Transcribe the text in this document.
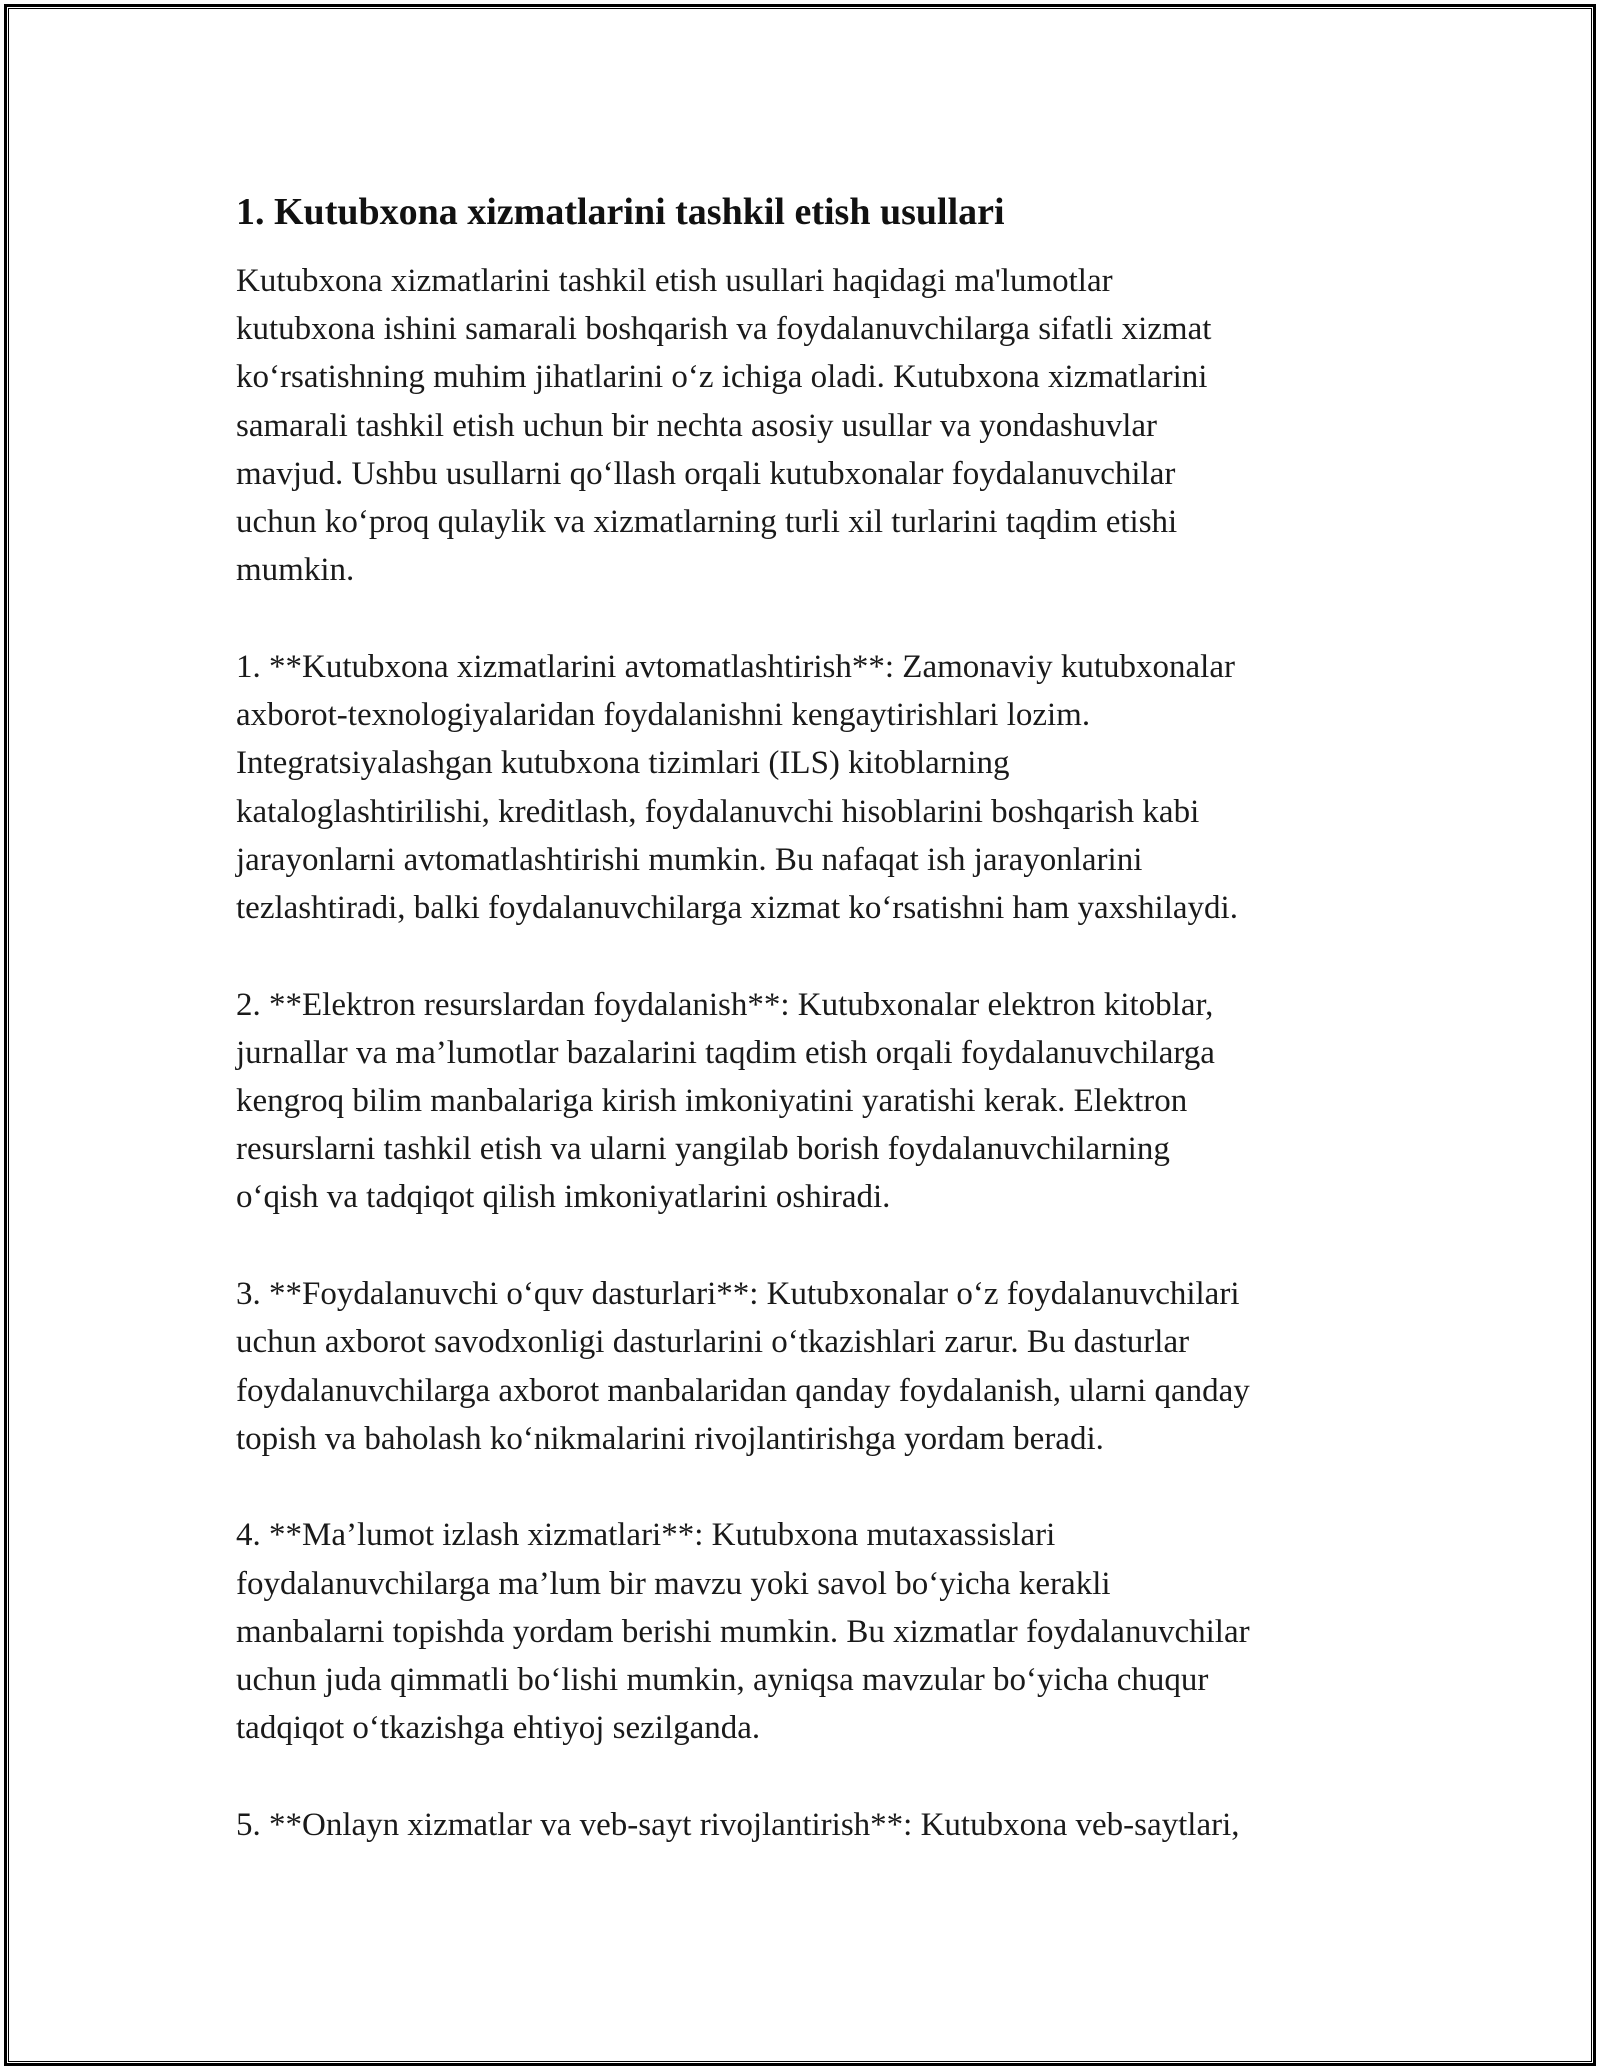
1. Kutubxona xizmatlarini tashkil etish usullari

Kutubxona xizmatlarini tashkil etish usullari haqidagi ma'lumotlar
kutubxona ishini samarali boshqarish va foydalanuvchilarga sifatli xizmat
koʻrsatishning muhim jihatlarini oʻz ichiga oladi. Kutubxona xizmatlarini
samarali tashkil etish uchun bir nechta asosiy usullar va yondashuvlar
mavjud. Ushbu usullarni qoʻllash orqali kutubxonalar foydalanuvchilar
uchun koʻproq qulaylik va xizmatlarning turli xil turlarini taqdim etishi
mumkin.

1. **Kutubxona xizmatlarini avtomatlashtirish**: Zamonaviy kutubxonalar
axborot-texnologiyalaridan foydalanishni kengaytirishlari lozim.
Integratsiyalashgan kutubxona tizimlari (ILS) kitoblarning
kataloglashtirilishi, kreditlash, foydalanuvchi hisoblarini boshqarish kabi
jarayonlarni avtomatlashtirishi mumkin. Bu nafaqat ish jarayonlarini
tezlashtiradi, balki foydalanuvchilarga xizmat koʻrsatishni ham yaxshilaydi.

2. **Elektron resurslardan foydalanish**: Kutubxonalar elektron kitoblar,
jurnallar va ma’lumotlar bazalarini taqdim etish orqali foydalanuvchilarga
kengroq bilim manbalariga kirish imkoniyatini yaratishi kerak. Elektron
resurslarni tashkil etish va ularni yangilab borish foydalanuvchilarning
oʻqish va tadqiqot qilish imkoniyatlarini oshiradi.

3. **Foydalanuvchi oʻquv dasturlari**: Kutubxonalar oʻz foydalanuvchilari
uchun axborot savodxonligi dasturlarini oʻtkazishlari zarur. Bu dasturlar
foydalanuvchilarga axborot manbalaridan qanday foydalanish, ularni qanday
topish va baholash koʻnikmalarini rivojlantirishga yordam beradi.

4. **Ma’lumot izlash xizmatlari**: Kutubxona mutaxassislari
foydalanuvchilarga ma’lum bir mavzu yoki savol boʻyicha kerakli
manbalarni topishda yordam berishi mumkin. Bu xizmatlar foydalanuvchilar
uchun juda qimmatli boʻlishi mumkin, ayniqsa mavzular boʻyicha chuqur
tadqiqot oʻtkazishga ehtiyoj sezilganda.

5. **Onlayn xizmatlar va veb-sayt rivojlantirish**: Kutubxona veb-saytlari,
